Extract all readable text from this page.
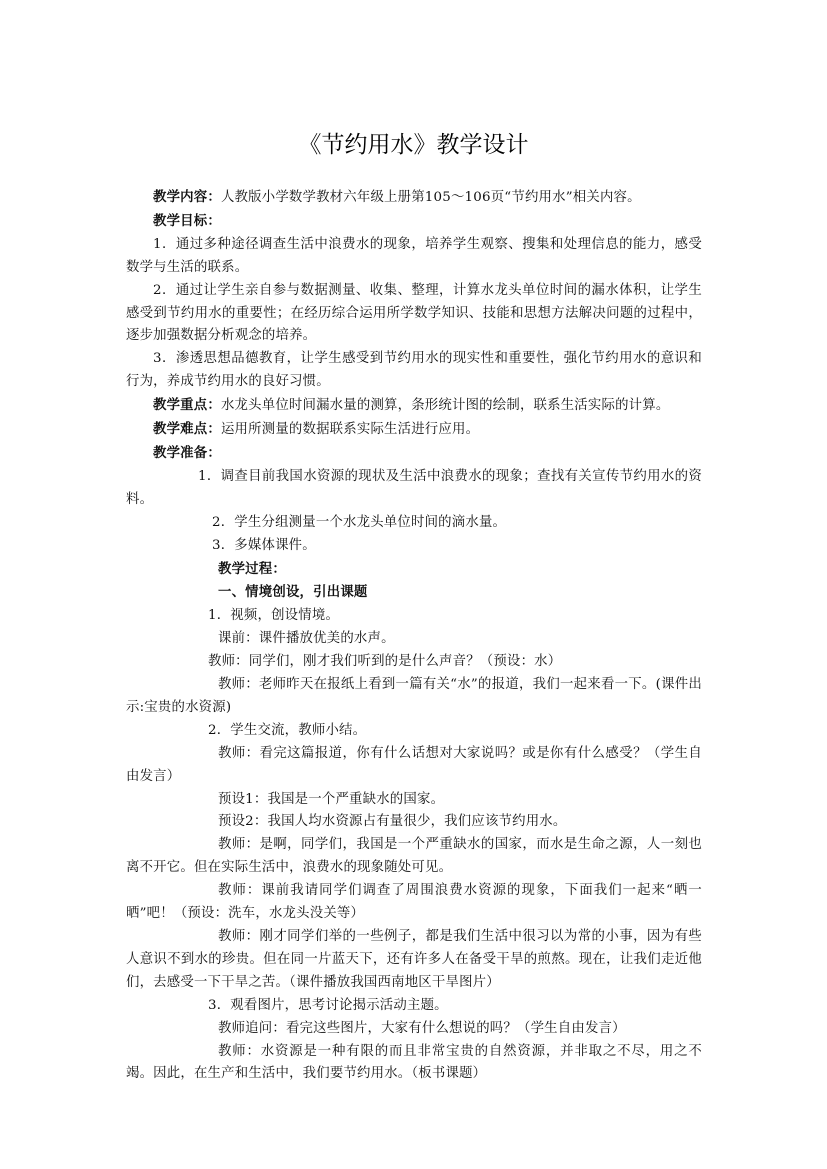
《节约用水》教学设计

教学内容：人教版小学数学教材六年级上册第105～106页“节约用水”相关内容。

教学目标：

1．通过多种途径调查生活中浪费水的现象，培养学生观察、搜集和处理信息的能力，感受数学与生活的联系。

2．通过让学生亲自参与数据测量、收集、整理，计算水龙头单位时间的漏水体积，让学生感受到节约用水的重要性；在经历综合运用所学数学知识、技能和思想方法解决问题的过程中，逐步加强数据分析观念的培养。

3．渗透思想品德教育，让学生感受到节约用水的现实性和重要性，强化节约用水的意识和行为，养成节约用水的良好习惯。

教学重点：水龙头单位时间漏水量的测算，条形统计图的绘制，联系生活实际的计算。

教学难点：运用所测量的数据联系实际生活进行应用。

教学准备：

1．调查目前我国水资源的现状及生活中浪费水的现象；查找有关宣传节约用水的资料。

2．学生分组测量一个水龙头单位时间的滴水量。

3．多媒体课件。

教学过程：

一、情境创设，引出课题

1．视频，创设情境。

课前：课件播放优美的水声。

教师：同学们，刚才我们听到的是什么声音？（预设：水）

教师：老师昨天在报纸上看到一篇有关“水”的报道，我们一起来看一下。(课件出示:宝贵的水资源)

2．学生交流，教师小结。

教师：看完这篇报道，你有什么话想对大家说吗？或是你有什么感受？（学生自由发言）

预设1：我国是一个严重缺水的国家。

预设2：我国人均水资源占有量很少，我们应该节约用水。

教师：是啊，同学们，我国是一个严重缺水的国家，而水是生命之源，人一刻也离不开它。但在实际生活中，浪费水的现象随处可见。

教师：课前我请同学们调查了周围浪费水资源的现象，下面我们一起来“晒一晒”吧！（预设：洗车，水龙头没关等）

教师：刚才同学们举的一些例子，都是我们生活中很习以为常的小事，因为有些人意识不到水的珍贵。但在同一片蓝天下，还有许多人在备受干旱的煎熬。现在，让我们走近他们，去感受一下干旱之苦。（课件播放我国西南地区干旱图片）

3．观看图片，思考讨论揭示活动主题。

教师追问：看完这些图片，大家有什么想说的吗？（学生自由发言）

教师：水资源是一种有限的而且非常宝贵的自然资源，并非取之不尽，用之不竭。因此，在生产和生活中，我们要节约用水。（板书课题）
